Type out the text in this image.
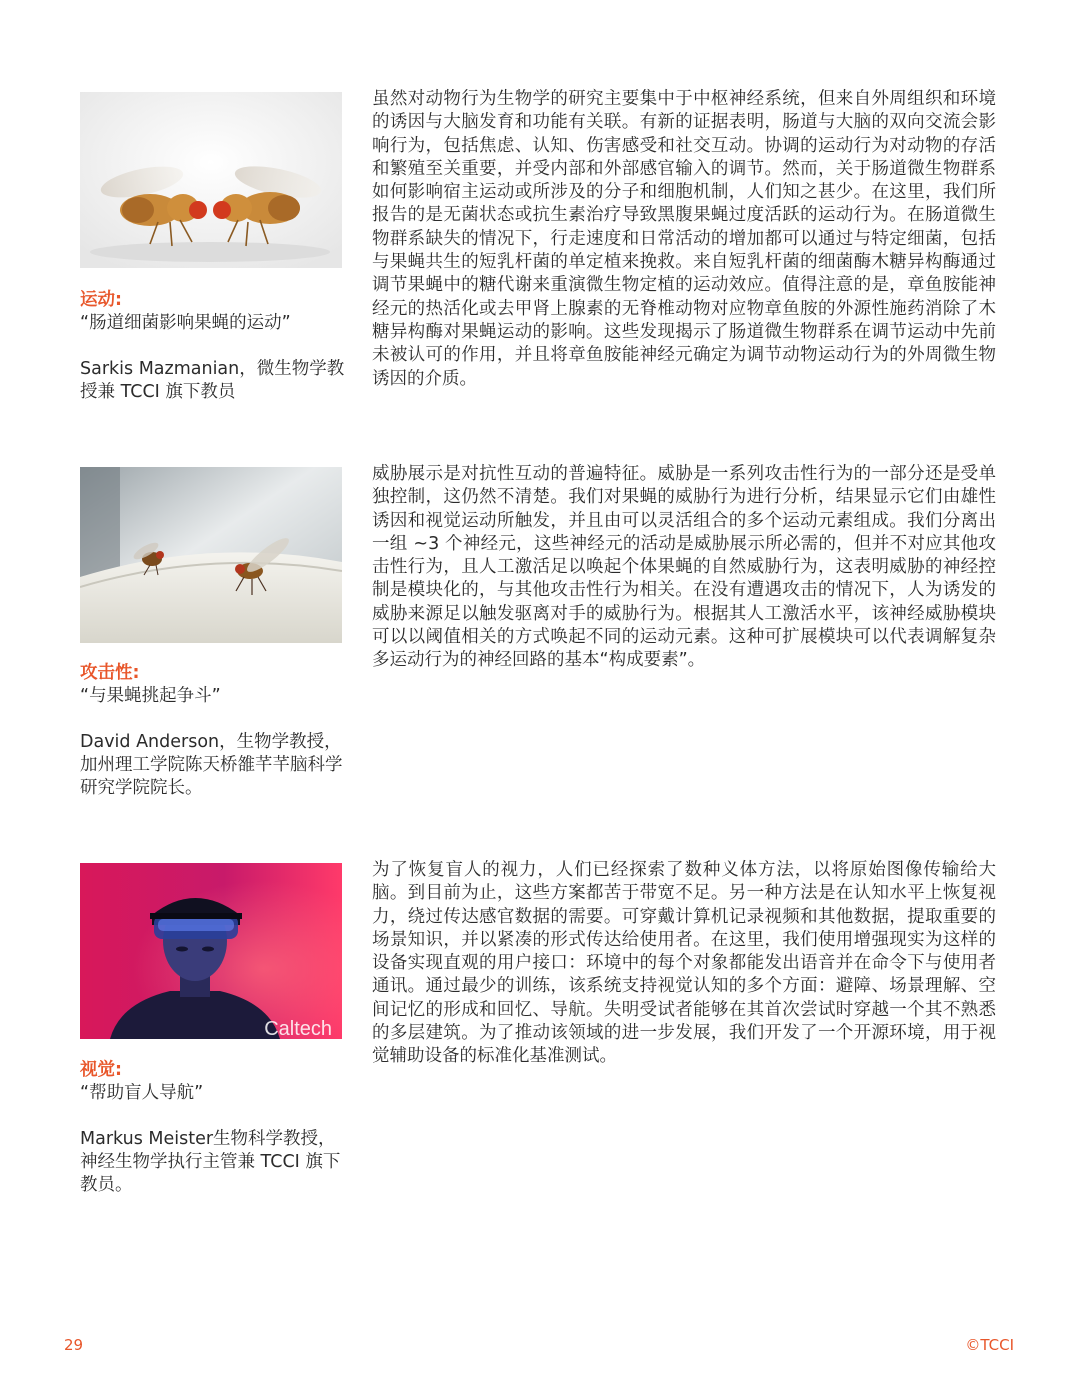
运动:
“肠道细菌影响果蝇的运动”
Sarkis Mazmanian，微生物学教授兼 TCCI 旗下教员

虽然对动物行为生物学的研究主要集中于中枢神经系统，但来自外周组织和环境的诱因与大脑发育和功能有关联。有新的证据表明，肠道与大脑的双向交流会影响行为，包括焦虑、认知、伤害感受和社交互动。协调的运动行为对动物的存活和繁殖至关重要，并受内部和外部感官输入的调节。然而，关于肠道微生物群系如何影响宿主运动或所涉及的分子和细胞机制，人们知之甚少。在这里，我们所报告的是无菌状态或抗生素治疗导致黑腹果蝇过度活跃的运动行为。在肠道微生物群系缺失的情况下，行走速度和日常活动的增加都可以通过与特定细菌，包括与果蝇共生的短乳杆菌的单定植来挽救。来自短乳杆菌的细菌酶木糖异构酶通过调节果蝇中的糖代谢来重演微生物定植的运动效应。值得注意的是，章鱼胺能神经元的热活化或去甲肾上腺素的无脊椎动物对应物章鱼胺的外源性施药消除了木糖异构酶对果蝇运动的影响。这些发现揭示了肠道微生物群系在调节运动中先前未被认可的作用，并且将章鱼胺能神经元确定为调节动物运动行为的外周微生物诱因的介质。

攻击性:
“与果蝇挑起争斗”
David Anderson，生物学教授，加州理工学院陈天桥雒芊芊脑科学研究学院院长。

威胁展示是对抗性互动的普遍特征。威胁是一系列攻击性行为的一部分还是受单独控制，这仍然不清楚。我们对果蝇的威胁行为进行分析，结果显示它们由雄性诱因和视觉运动所触发，并且由可以灵活组合的多个运动元素组成。我们分离出一组 ~3 个神经元，这些神经元的活动是威胁展示所必需的，但并不对应其他攻击性行为，且人工激活足以唤起个体果蝇的自然威胁行为，这表明威胁的神经控制是模块化的，与其他攻击性行为相关。在没有遭遇攻击的情况下，人为诱发的威胁来源足以触发驱离对手的威胁行为。根据其人工激活水平，该神经威胁模块可以以阈值相关的方式唤起不同的运动元素。这种可扩展模块可以代表调解复杂多运动行为的神经回路的基本“构成要素”。

Caltech
视觉:
“帮助盲人导航”
Markus Meister生物科学教授，神经生物学执行主管兼 TCCI 旗下教员。

为了恢复盲人的视力，人们已经探索了数种义体方法，以将原始图像传输给大脑。到目前为止，这些方案都苦于带宽不足。另一种方法是在认知水平上恢复视力，绕过传达感官数据的需要。可穿戴计算机记录视频和其他数据，提取重要的场景知识，并以紧凑的形式传达给使用者。在这里，我们使用增强现实为这样的设备实现直观的用户接口：环境中的每个对象都能发出语音并在命令下与使用者通讯。通过最少的训练，该系统支持视觉认知的多个方面：避障、场景理解、空间记忆的形成和回忆、导航。失明受试者能够在其首次尝试时穿越一个其不熟悉的多层建筑。为了推动该领域的进一步发展，我们开发了一个开源环境，用于视觉辅助设备的标准化基准测试。

29	©TCCI
